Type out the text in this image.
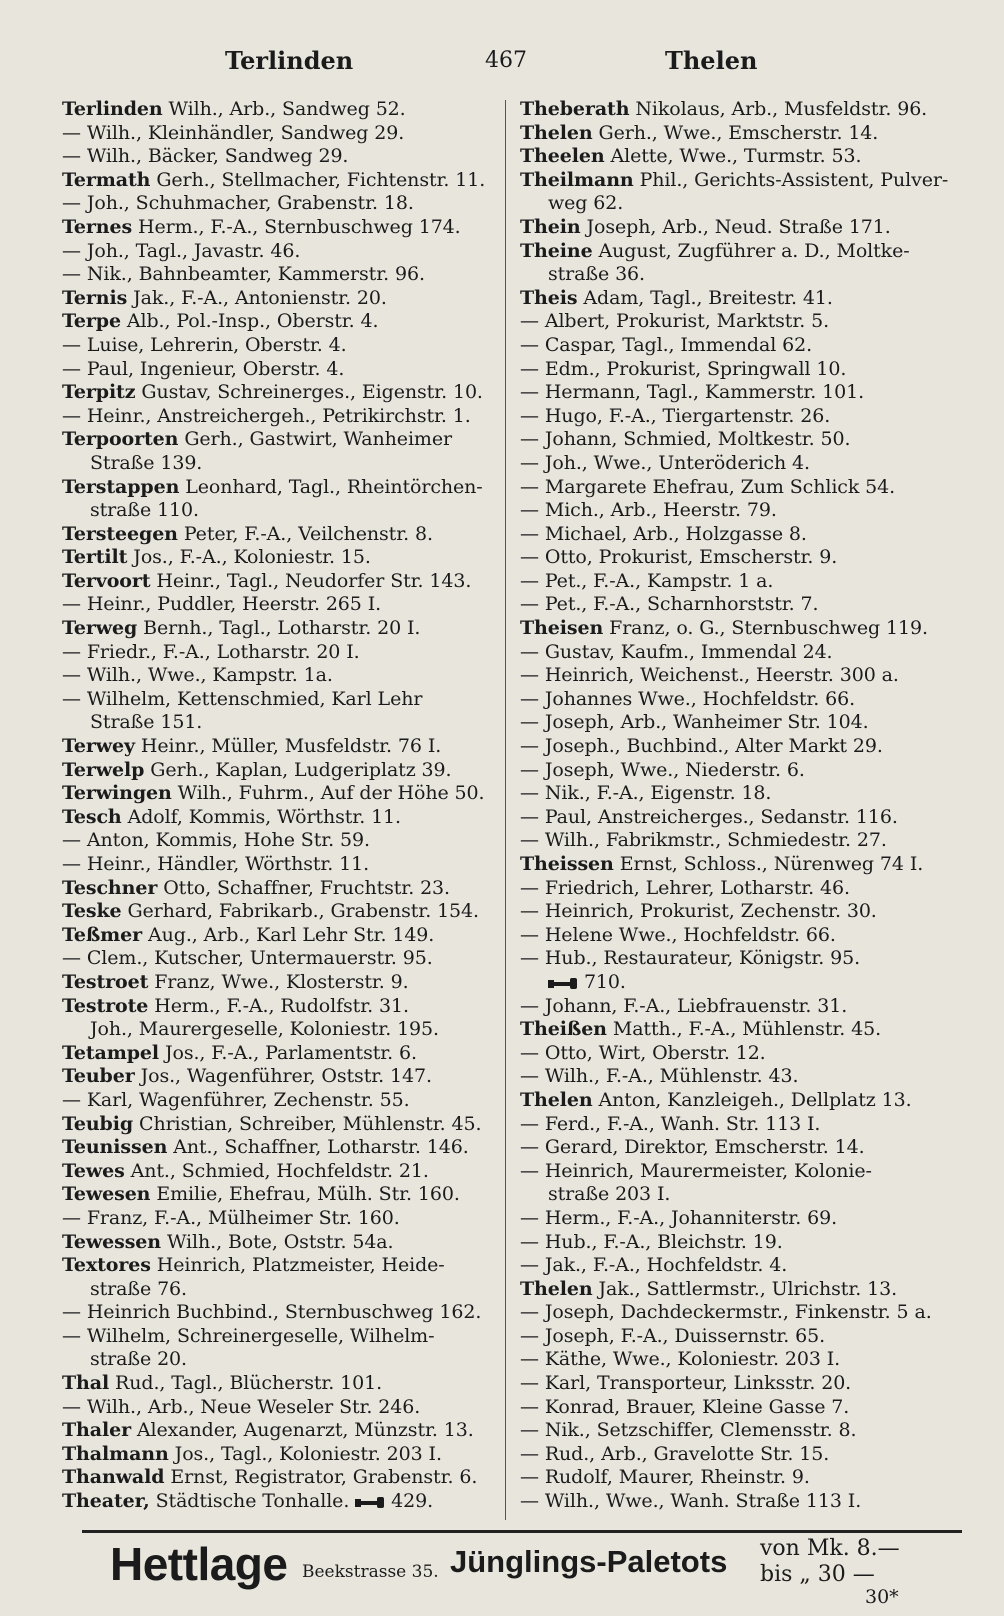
Terlinden	467	Thelen
Terlinden Wilh., Arb., Sandweg 52.
— Wilh., Kleinhändler, Sandweg 29.
— Wilh., Bäcker, Sandweg 29.
Termath Gerh., Stellmacher, Fichtenstr. 11.
— Joh., Schuhmacher, Grabenstr. 18.
Ternes Herm., F.-A., Sternbuschweg 174.
— Joh., Tagl., Javastr. 46.
— Nik., Bahnbeamter, Kammerstr. 96.
Ternis Jak., F.-A., Antonienstr. 20.
Terpe Alb., Pol.-Insp., Oberstr. 4.
— Luise, Lehrerin, Oberstr. 4.
— Paul, Ingenieur, Oberstr. 4.
Terpitz Gustav, Schreinerges., Eigenstr. 10.
— Heinr., Anstreichergeh., Petrikirchstr. 1.
Terpoorten Gerh., Gastwirt, Wanheimer
Straße 139.
Terstappen Leonhard, Tagl., Rheintörchen-
straße 110.
Tersteegen Peter, F.-A., Veilchenstr. 8.
Tertilt Jos., F.-A., Koloniestr. 15.
Tervoort Heinr., Tagl., Neudorfer Str. 143.
— Heinr., Puddler, Heerstr. 265 I.
Terweg Bernh., Tagl., Lotharstr. 20 I.
— Friedr., F.-A., Lotharstr. 20 I.
— Wilh., Wwe., Kampstr. 1a.
— Wilhelm, Kettenschmied, Karl Lehr
Straße 151.
Terwey Heinr., Müller, Musfeldstr. 76 I.
Terwelp Gerh., Kaplan, Ludgeriplatz 39.
Terwingen Wilh., Fuhrm., Auf der Höhe 50.
Tesch Adolf, Kommis, Wörthstr. 11.
— Anton, Kommis, Hohe Str. 59.
— Heinr., Händler, Wörthstr. 11.
Teschner Otto, Schaffner, Fruchtstr. 23.
Teske Gerhard, Fabrikarb., Grabenstr. 154.
Teßmer Aug., Arb., Karl Lehr Str. 149.
— Clem., Kutscher, Untermauerstr. 95.
Testroet Franz, Wwe., Klosterstr. 9.
Testrote Herm., F.-A., Rudolfstr. 31.
Joh., Maurergeselle, Koloniestr. 195.
Tetampel Jos., F.-A., Parlamentstr. 6.
Teuber Jos., Wagenführer, Oststr. 147.
— Karl, Wagenführer, Zechenstr. 55.
Teubig Christian, Schreiber, Mühlenstr. 45.
Teunissen Ant., Schaffner, Lotharstr. 146.
Tewes Ant., Schmied, Hochfeldstr. 21.
Tewesen Emilie, Ehefrau, Mülh. Str. 160.
— Franz, F.-A., Mülheimer Str. 160.
Tewessen Wilh., Bote, Oststr. 54a.
Textores Heinrich, Platzmeister, Heide-
straße 76.
— Heinrich Buchbind., Sternbuschweg 162.
— Wilhelm, Schreinergeselle, Wilhelm-
straße 20.
Thal Rud., Tagl., Blücherstr. 101.
— Wilh., Arb., Neue Weseler Str. 246.
Thaler Alexander, Augenarzt, Münzstr. 13.
Thalmann Jos., Tagl., Koloniestr. 203 I.
Thanwald Ernst, Registrator, Grabenstr. 6.
Theater, Städtische Tonhalle.  429.
Theberath Nikolaus, Arb., Musfeldstr. 96.
Thelen Gerh., Wwe., Emscherstr. 14.
Theelen Alette, Wwe., Turmstr. 53.
Theilmann Phil., Gerichts-Assistent, Pulver-
weg 62.
Thein Joseph, Arb., Neud. Straße 171.
Theine August, Zugführer a. D., Moltke-
straße 36.
Theis Adam, Tagl., Breitestr. 41.
— Albert, Prokurist, Marktstr. 5.
— Caspar, Tagl., Immendal 62.
— Edm., Prokurist, Springwall 10.
— Hermann, Tagl., Kammerstr. 101.
— Hugo, F.-A., Tiergartenstr. 26.
— Johann, Schmied, Moltkestr. 50.
— Joh., Wwe., Unteröderich 4.
— Margarete Ehefrau, Zum Schlick 54.
— Mich., Arb., Heerstr. 79.
— Michael, Arb., Holzgasse 8.
— Otto, Prokurist, Emscherstr. 9.
— Pet., F.-A., Kampstr. 1 a.
— Pet., F.-A., Scharnhorststr. 7.
Theisen Franz, o. G., Sternbuschweg 119.
— Gustav, Kaufm., Immendal 24.
— Heinrich, Weichenst., Heerstr. 300 a.
— Johannes Wwe., Hochfeldstr. 66.
— Joseph, Arb., Wanheimer Str. 104.
— Joseph., Buchbind., Alter Markt 29.
— Joseph, Wwe., Niederstr. 6.
— Nik., F.-A., Eigenstr. 18.
— Paul, Anstreicherges., Sedanstr. 116.
— Wilh., Fabrikmstr., Schmiedestr. 27.
Theissen Ernst, Schloss., Nürenweg 74 I.
— Friedrich, Lehrer, Lotharstr. 46.
— Heinrich, Prokurist, Zechenstr. 30.
— Helene Wwe., Hochfeldstr. 66.
— Hub., Restaurateur, Königstr. 95.
710.
— Johann, F.-A., Liebfrauenstr. 31.
Theißen Matth., F.-A., Mühlenstr. 45.
— Otto, Wirt, Oberstr. 12.
— Wilh., F.-A., Mühlenstr. 43.
Thelen Anton, Kanzleigeh., Dellplatz 13.
— Ferd., F.-A., Wanh. Str. 113 I.
— Gerard, Direktor, Emscherstr. 14.
— Heinrich, Maurermeister, Kolonie-
straße 203 I.
— Herm., F.-A., Johanniterstr. 69.
— Hub., F.-A., Bleichstr. 19.
— Jak., F.-A., Hochfeldstr. 4.
Thelen Jak., Sattlermstr., Ulrichstr. 13.
— Joseph, Dachdeckermstr., Finkenstr. 5 a.
— Joseph, F.-A., Duissernstr. 65.
— Käthe, Wwe., Koloniestr. 203 I.
— Karl, Transporteur, Linksstr. 20.
— Konrad, Brauer, Kleine Gasse 7.
— Nik., Setzschiffer, Clemensstr. 8.
— Rud., Arb., Gravelotte Str. 15.
— Rudolf, Maurer, Rheinstr. 9.
— Wilh., Wwe., Wanh. Straße 113 I.
Hettlage Beekstrasse 35. Jünglings-Paletots von Mk. 8.—
bis „ 30 —
30*
